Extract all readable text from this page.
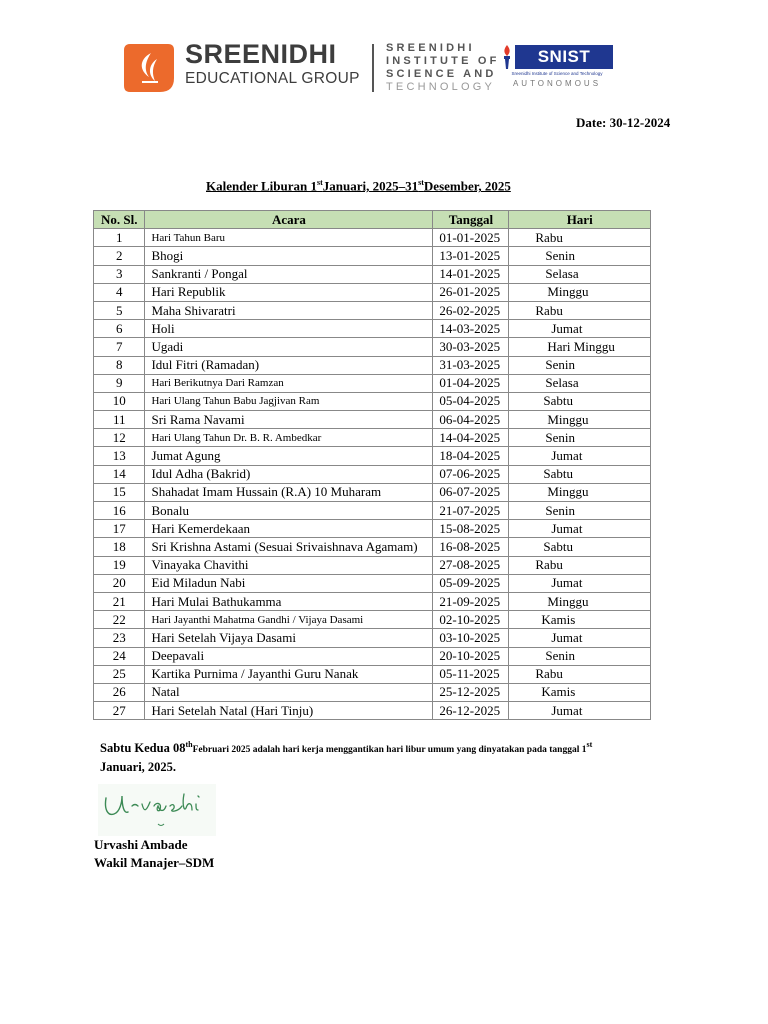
SREENIDHI
EDUCATIONAL GROUP
SREENIDHI
INSTITUTE OF
SCIENCE AND
TECHNOLOGY
SNIST
Sreenidhi Institute of Science and Technology
AUTONOMOUS
Date: 30-12-2024
Kalender Liburan 1stJanuari, 2025–31stDesember, 2025
No. Sl.	Acara	Tanggal	Hari
1	Hari Tahun Baru	01-01-2025	Rabu
2	Bhogi	13-01-2025	Senin
3	Sankranti / Pongal	14-01-2025	Selasa
4	Hari Republik	26-01-2025	Minggu
5	Maha Shivaratri	26-02-2025	Rabu
6	Holi	14-03-2025	Jumat
7	Ugadi	30-03-2025	Hari Minggu
8	Idul Fitri (Ramadan)	31-03-2025	Senin
9	Hari Berikutnya Dari Ramzan	01-04-2025	Selasa
10	Hari Ulang Tahun Babu Jagjivan Ram	05-04-2025	Sabtu
11	Sri Rama Navami	06-04-2025	Minggu
12	Hari Ulang Tahun Dr. B. R. Ambedkar	14-04-2025	Senin
13	Jumat Agung	18-04-2025	Jumat
14	Idul Adha (Bakrid)	07-06-2025	Sabtu
15	Shahadat Imam Hussain (R.A) 10 Muharam	06-07-2025	Minggu
16	Bonalu	21-07-2025	Senin
17	Hari Kemerdekaan	15-08-2025	Jumat
18	Sri Krishna Astami (Sesuai Srivaishnava Agamam)	16-08-2025	Sabtu
19	Vinayaka Chavithi	27-08-2025	Rabu
20	Eid Miladun Nabi	05-09-2025	Jumat
21	Hari Mulai Bathukamma	21-09-2025	Minggu
22	Hari Jayanthi Mahatma Gandhi / Vijaya Dasami	02-10-2025	Kamis
23	Hari Setelah Vijaya Dasami	03-10-2025	Jumat
24	Deepavali	20-10-2025	Senin
25	Kartika Purnima / Jayanthi Guru Nanak	05-11-2025	Rabu
26	Natal	25-12-2025	Kamis
27	Hari Setelah Natal (Hari Tinju)	26-12-2025	Jumat
Sabtu Kedua 08thFebruari 2025 adalah hari kerja menggantikan hari libur umum yang dinyatakan pada tanggal 1st
Januari, 2025.
Urvashi Ambade
Wakil Manajer–SDM
